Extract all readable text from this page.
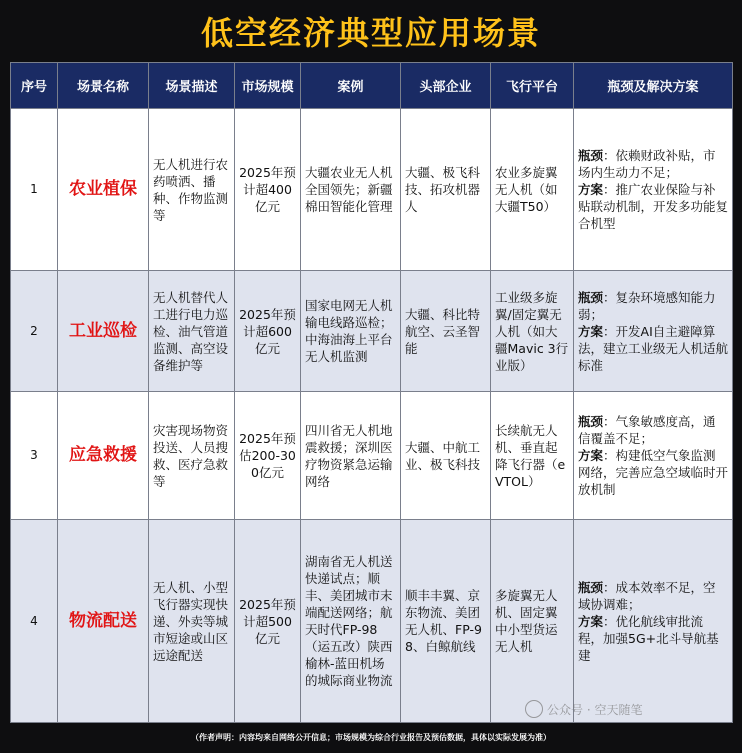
低空经济典型应用场景
序号	场景名称	场景描述	市场规模	案例	头部企业	飞行平台	瓶颈及解决方案
1	农业植保	无人机进行农药喷洒、播种、作物监测等	2025年预计超400亿元	大疆农业无人机全国领先；新疆棉田智能化管理	大疆、极飞科技、拓攻机器人	农业多旋翼无人机（如大疆T50）	瓶颈：依赖财政补贴，市场内生动力不足；
方案：推广农业保险与补贴联动机制，开发多功能复合机型
2	工业巡检	无人机替代人工进行电力巡检、油气管道监测、高空设备维护等	2025年预计超600亿元	国家电网无人机输电线路巡检；中海油海上平台无人机监测	大疆、科比特航空、云圣智能	工业级多旋翼/固定翼无人机（如大疆Mavic 3行业版）	瓶颈：复杂环境感知能力弱；
方案：开发AI自主避障算法，建立工业级无人机适航标准
3	应急救援	灾害现场物资投送、人员搜救、医疗急救等	2025年预估200-300亿元	四川省无人机地震救援；深圳医疗物资紧急运输网络	大疆、中航工业、极飞科技	长续航无人机、垂直起降飞行器（eVTOL）	瓶颈：气象敏感度高，通信覆盖不足；
方案：构建低空气象监测网络，完善应急空域临时开放机制
4	物流配送	无人机、小型飞行器实现快递、外卖等城市短途或山区远途配送	2025年预计超500亿元	湖南省无人机送快递试点；顺丰、美团城市末端配送网络；航天时代FP-98（运五改）陕西榆林-蓝田机场的城际商业物流	顺丰丰翼、京东物流、美团无人机、FP-98、白鲸航线	多旋翼无人机、固定翼中小型货运无人机	瓶颈：成本效率不足，空域协调难；
方案：优化航线审批流程，加强5G+北斗导航基建
公众号 · 空天随笔
（作者声明：内容均来自网络公开信息；市场规模为综合行业报告及预估数据，具体以实际发展为准）
